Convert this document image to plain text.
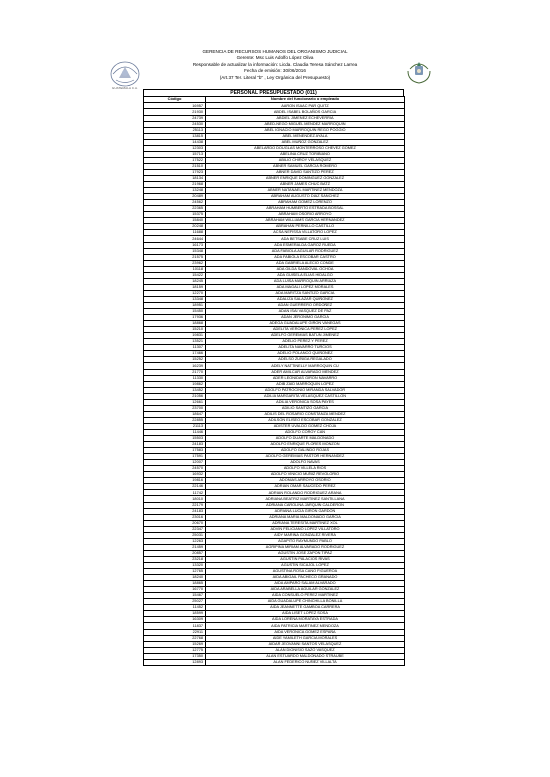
GUATEMALA C.A.
GERENCIA DE RECURSOS HUMANOS DEL ORGANISMO JUDICIAL
Gerente: Msc Luis Adolfo López Oliva
Responsable de actualizar la información: Licda. Claudia Teresa Sánchez Larrea
Fecha de emisión: 30/06/2016
(Art.37 Ter. Literal "b" , Ley Orgánica del Presupuesto)
PERSONAL PRESUPUESTADO (011)
Código	Nombre del funcionario o empleado
16957	AARON ISAAC PAR QUITZ
21930	ABDEL ISABEL BOLAÑOS GARCIA
24739	ABDIEL JIMENEZ ECHEVERRIA
24530	ABED-NEGO MIGUEL MENDEZ MARROQUIN
25113	ABEL IGNACIO MARROQUIN REGO POGGIO
13815	ABEL MENENDEZ AYALA
14438	ABEL MUÑOZ GONZALEZ
12303	ABELARDO DOUGLAS MONTERROSO CHEVEZ GOMEZ
15713	ABELINA CRUZ TORIBIANO
17522	ABILIO CHIROY VELASQUEZ
21510	ABNER SAMUEL GARCIA ROMERO
17923	ABNER DAVID SANTIZO PEREZ
18134	ABNER ENRIQUE DOMINGUEZ GONZALEZ
21968	ABNER JAMES CHUC BATZ
13248	ABNER NATANAEL MARTINEZ MENDOZA
20489	ABRAHAM AUGUSTO DIAZ SANCHEZ
24562	ABRAHAM GOMEZ LORENZO
22365	ABRAHAM HUMBERTO ESTRADA BOSSAL
15375	ABRAHAM OSORIO ARROYO
15840	ABRAHAM WILLIAMS GARCIA HERNANDEZ
20248	ABRAHAN PERNILLO CASTILLO
11688	ACSA NEFISSA VILLATORO LOPEZ
24644	ADA BETSABE CRUZ LUIS
16173	ADA ESMERALDA GAROZ RUEDA
15348	ADA FABIOLA AGUILAR RODRIGUEZ
21575	ADA FABIOLA ESCOBAR CASTRO
23962	ADA GABRIELA ALECIO CONDE
10118	ADA GILDA SANDOVAL OCHOA
15422	ADA GUISELA ELIAS HIDALGO
18245	ADA LUISA MARROQUIN ARRIAZA
18159	ADA MAGALI LOPEZ MORALES
12270	ADA MARITZA SANTIZO GARCIA
13348	ADALIZA SALAZAR QUIÑONEZ
18951	ADAN GUERRERO ORDOÑEZ
15450	ADAN ISAI VASQUEZ DE PAZ
17936	ADAN JERONIMO GARCIA
18868	ADEGA GUADALUPE GIRON VANEGAS
15210	ADELITA VERONICA PEREZ LOPEZ
19831	ADELFO GEREMIAS BATUN JIMENEZ
13521	ADELIO PEREZ Y PEREZ
11307	ADELITA NAVARRO TURCIOS
17466	ADELIO POLANCO QUIÑONEZ
15252	ADELSO ZUÑIGA REGALADO
16239	ADELY NATTINELLY MARROQUIN CU
21770	ADER AMILCAR ALVARADO MENDEZ
11330	ADER LEONIDAS GIRON NAVARRO
19862	ADIB ZAID MARROQUIN LOPEZ
13452	ADOLFO PATROCINIO MIRANDA SALVADOR
21056	ADILIA MARGARITA VELASQUEZ CASTILLON
12661	ADILIA VERONICA SOSA PAYES
23700	ADILIO SANTIZO GARCIA
18647	ADILIS DEL ROSARIO CONSTANZA MENDEZ
22855	ADILSON ELISEO ESCOBAR GONZALEZ
21113	ADISTER UVALDO GOMEZ CHOJA
11446	ADOLFO COROY CAN
15503	ADOLFO DUARTE MALDONADO
24183	ADOLFO ENRIQUE FLORES MONZON
17583	ADOLFO GALINDO ROJAS
17591	ADOLFO GEREMIAS PASTOR HERNANDEZ
12007	ADOLFO NAVAS
24570	ADOLFO VILLELA RIOS
16932	ADOLFO VINICIO MUÑIZ REVOLORIO
19816	ADONIAS ARROYO OSORIO
22146	ADRIAN OMAR SAUCEDO PEREZ
11742	ADRIAN ROLANDO RODRIGUEZ ARANA
18010	ADRIANA BEATRIZ MARTINEZ SANTILLANA
22179	ADRIANA CAROLINA JARQUIN CALDERON
24183	ADRIANA LUCIA GIRON GARDON
23016	ADRIANA MARIA MALDONADO GARCIA
20670	ADRIANA TERESITA MARTINEZ XOL
22347	ADVIN FELICIANO LOPEZ VILLATORO
25031	AIDY MARINA GONZALEZ RIVERA
12263	AGAPITO RAYMUNDO PABLO
21459	AGRIPINA MIRIAM ALVARADO RODRIGUEZ
20857	AGUSTIN JOSE ZAPON TIPAZ
23218	AGUSTIN PALACIOS RIVAS
13320	AGUSTIN SICAJOL LOPEZ
12765	AGUSTINA ROSA CANO FIGUEROA
18240	AIDA ABIGAIL PACHECO GRANADO
18865	AIDA AMPARO SALAM ALVARADO
16770	AIDA ARABELLA AGUILAR GONZALEZ
15467	AIDA CONSUELO PEREZ MARTINEZ
25027	AIDA GUADALUPE CHINCHILLA BONILLA
11452	AIDA JEANNETTE GAMBOA CARRERA
18599	AIDA LISET LOPEZ SOSA
16309	AIDA LORENA MORATAYA ESTRADA
11837	AIDA PATRICIA MARTINEZ MENDOZA
22911	AIDA VERONICA GOMEZ ESPAÑA
22768	AIDE YAMILETH GARCIA MORALES
15269	AIDAR JEOVANNI SANTOS VELASQUEZ
12775	ALAN DIONISIO SAZO VASQUEZ
17350	ALAN ESTUARDO MALDONADO STRAUBE
12893	ALAN FEDERICO NUÑEZ VILLALTA
